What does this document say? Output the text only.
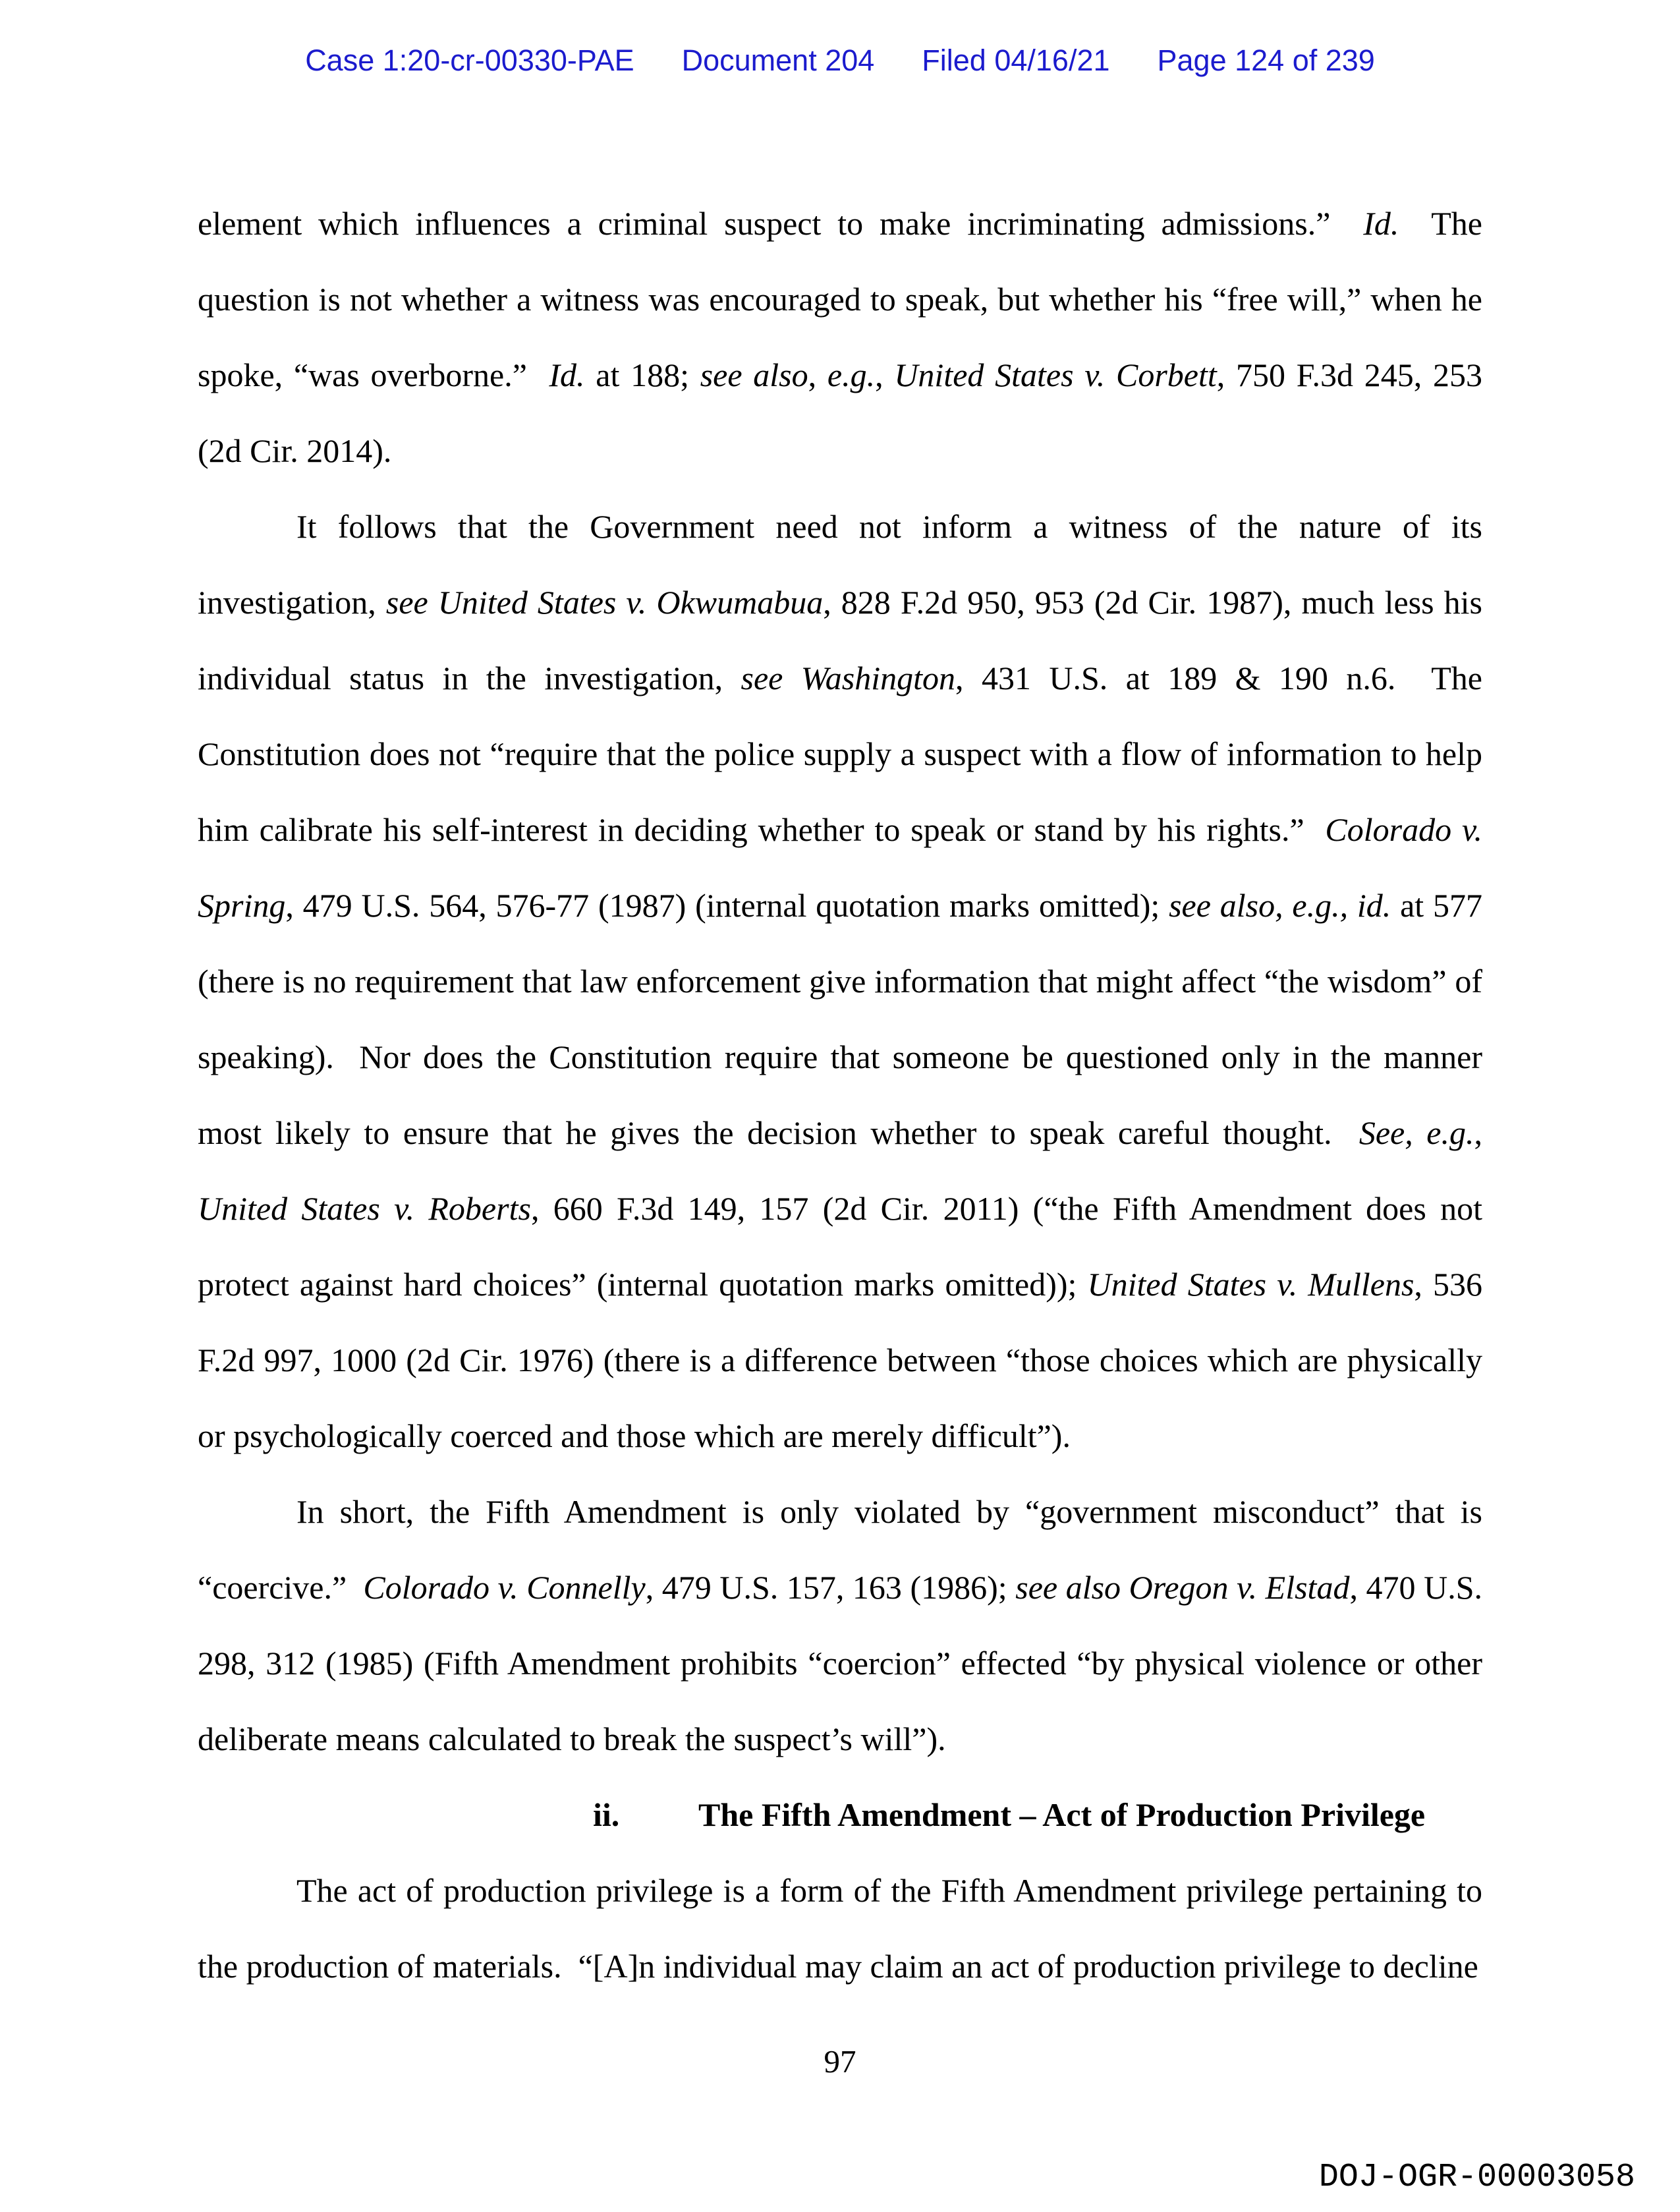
Case 1:20-cr-00330-PAE Document 204 Filed 04/16/21 Page 124 of 239

element which influences a criminal suspect to make incriminating admissions.”  Id.  The question is not whether a witness was encouraged to speak, but whether his “free will,” when he spoke, “was overborne.”  Id. at 188; see also, e.g., United States v. Corbett, 750 F.3d 245, 253 (2d Cir. 2014).

It follows that the Government need not inform a witness of the nature of its investigation, see United States v. Okwumabua, 828 F.2d 950, 953 (2d Cir. 1987), much less his individual status in the investigation, see Washington, 431 U.S. at 189 & 190 n.6.  The Constitution does not “require that the police supply a suspect with a flow of information to help him calibrate his self-interest in deciding whether to speak or stand by his rights.”  Colorado v. Spring, 479 U.S. 564, 576-77 (1987) (internal quotation marks omitted); see also, e.g., id. at 577 (there is no requirement that law enforcement give information that might affect “the wisdom” of speaking).  Nor does the Constitution require that someone be questioned only in the manner most likely to ensure that he gives the decision whether to speak careful thought.  See, e.g., United States v. Roberts, 660 F.3d 149, 157 (2d Cir. 2011) (“the Fifth Amendment does not protect against hard choices” (internal quotation marks omitted)); United States v. Mullens, 536 F.2d 997, 1000 (2d Cir. 1976) (there is a difference between “those choices which are physically or psychologically coerced and those which are merely difficult”).

In short, the Fifth Amendment is only violated by “government misconduct” that is “coercive.”  Colorado v. Connelly, 479 U.S. 157, 163 (1986); see also Oregon v. Elstad, 470 U.S. 298, 312 (1985) (Fifth Amendment prohibits “coercion” effected “by physical violence or other deliberate means calculated to break the suspect’s will”).

ii. The Fifth Amendment – Act of Production Privilege

The act of production privilege is a form of the Fifth Amendment privilege pertaining to the production of materials.  “[A]n individual may claim an act of production privilege to decline

97
DOJ-OGR-00003058
